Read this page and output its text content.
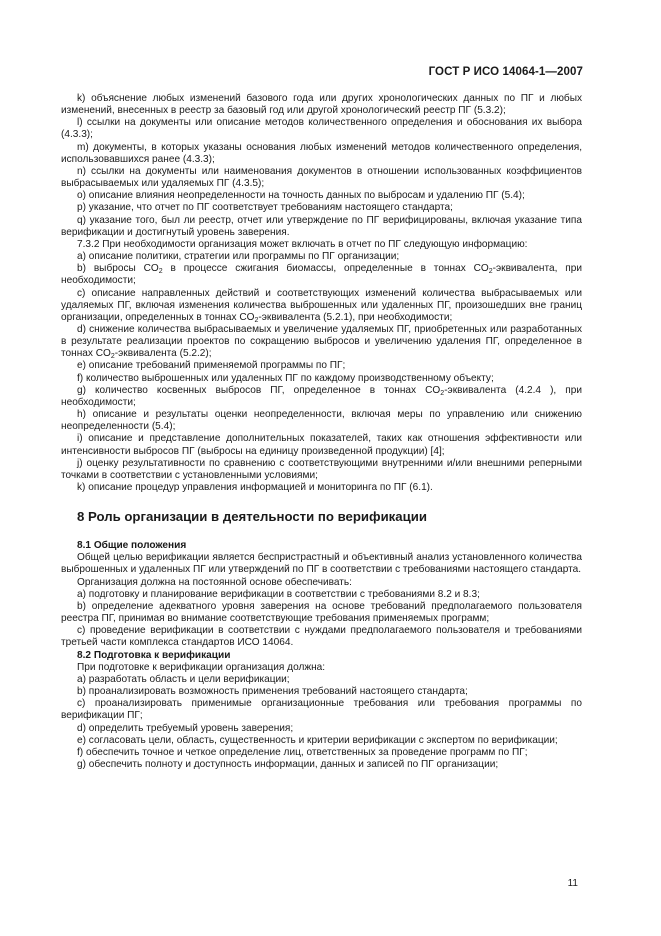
ГОСТ Р ИСО 14064-1—2007

k) объяснение любых изменений базового года или других хронологических данных по ПГ и любых изменений, внесенных в реестр за базовый год или другой хронологический реестр ПГ (5.3.2);

l) ссылки на документы или описание методов количественного определения и обоснования их выбора (4.3.3);

m) документы, в которых указаны основания любых изменений методов количественного определения, использовавшихся ранее (4.3.3);

n) ссылки на документы или наименования документов в отношении использованных коэффициентов выбрасываемых или удаляемых ПГ (4.3.5);

o) описание влияния неопределенности на точность данных по выбросам и удалению ПГ (5.4);

p) указание, что отчет по ПГ соответствует требованиям настоящего стандарта;

q) указание того, был ли реестр, отчет или утверждение по ПГ верифицированы, включая указание типа верификации и достигнутый уровень заверения.

7.3.2 При необходимости организация может включать в отчет по ПГ следующую информацию:

a) описание политики, стратегии или программы по ПГ организации;

b) выбросы $CO_2$ в процессе сжигания биомассы, определенные в тоннах $CO_2$-эквивалента, при необходимости;

c) описание направленных действий и соответствующих изменений количества выбрасываемых или удаляемых ПГ, включая изменения количества выброшенных или удаленных ПГ, произошедших вне границ организации, определенных в тоннах $CO_2$-эквивалента (5.2.1), при необходимости;

d) снижение количества выбрасываемых и увеличение удаляемых ПГ, приобретенных или разработанных в результате реализации проектов по сокращению выбросов и увеличению удаления ПГ, определенное в тоннах $CO_2$-эквивалента (5.2.2);

e) описание требований применяемой программы по ПГ;

f) количество выброшенных или удаленных ПГ по каждому производственному объекту;

g) количество косвенных выбросов ПГ, определенное в тоннах $CO_2$-эквивалента (4.2.4 ), при необходимости;

h) описание и результаты оценки неопределенности, включая меры по управлению или снижению неопределенности (5.4);

i) описание и представление дополнительных показателей, таких как отношения эффективности или интенсивности выбросов ПГ (выбросы на единицу произведенной продукции) [4];

j) оценку результативности по сравнению с соответствующими внутренними и/или внешними реперными точками в соответствии с установленными условиями;

k) описание процедур управления информацией и мониторинга по ПГ (6.1).

8 Роль организации в деятельности по верификации

8.1 Общие положения

Общей целью верификации является беспристрастный и объективный анализ установленного количества выброшенных и удаленных ПГ или утверждений по ПГ в соответствии с требованиями настоящего стандарта.

Организация должна на постоянной основе обеспечивать:

a) подготовку и планирование верификации в соответствии с требованиями 8.2 и 8.3;

b) определение адекватного уровня заверения на основе требований предполагаемого пользователя реестра ПГ, принимая во внимание соответствующие требования применяемых программ;

c) проведение верификации в соответствии с нуждами предполагаемого пользователя и требованиями третьей части комплекса стандартов ИСО 14064.

8.2 Подготовка к верификации

При подготовке к верификации организация должна:

a) разработать область и цели верификации;

b) проанализировать возможность применения требований настоящего стандарта;

c) проанализировать применимые организационные требования или требования программы по верификации ПГ;

d) определить требуемый уровень заверения;

e) согласовать цели, область, существенность и критерии верификации с экспертом по верификации;

f) обеспечить точное и четкое определение лиц, ответственных за проведение программ по ПГ;

g) обеспечить полноту и доступность информации, данных и записей по ПГ организации;

11
